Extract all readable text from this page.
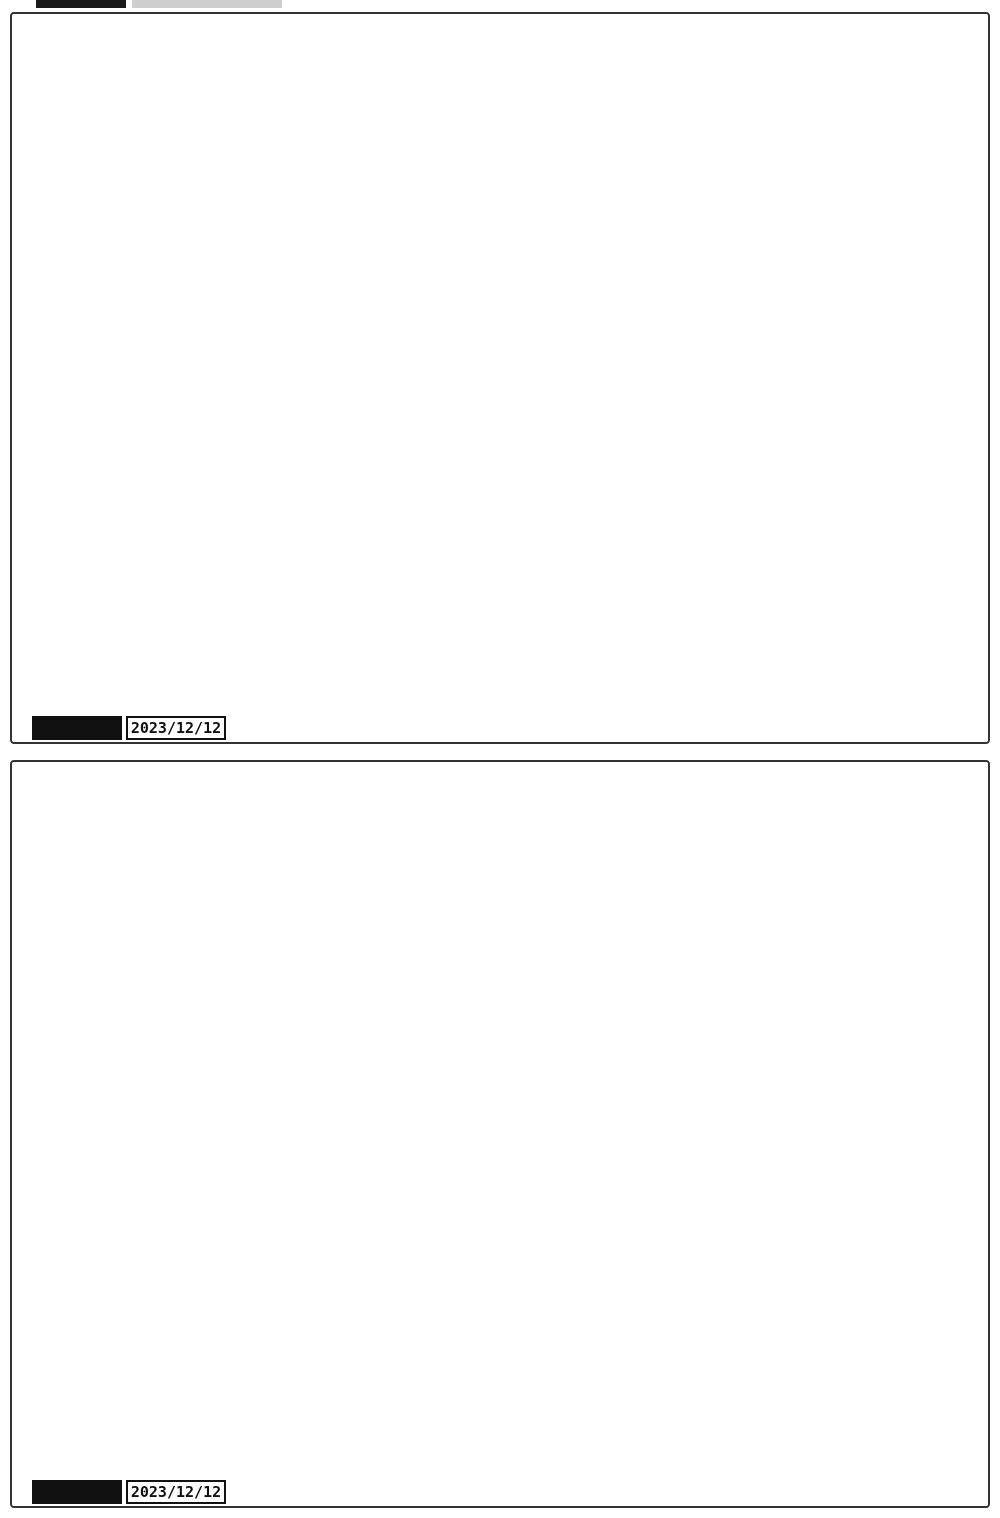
2023/12/12

2023/12/12
